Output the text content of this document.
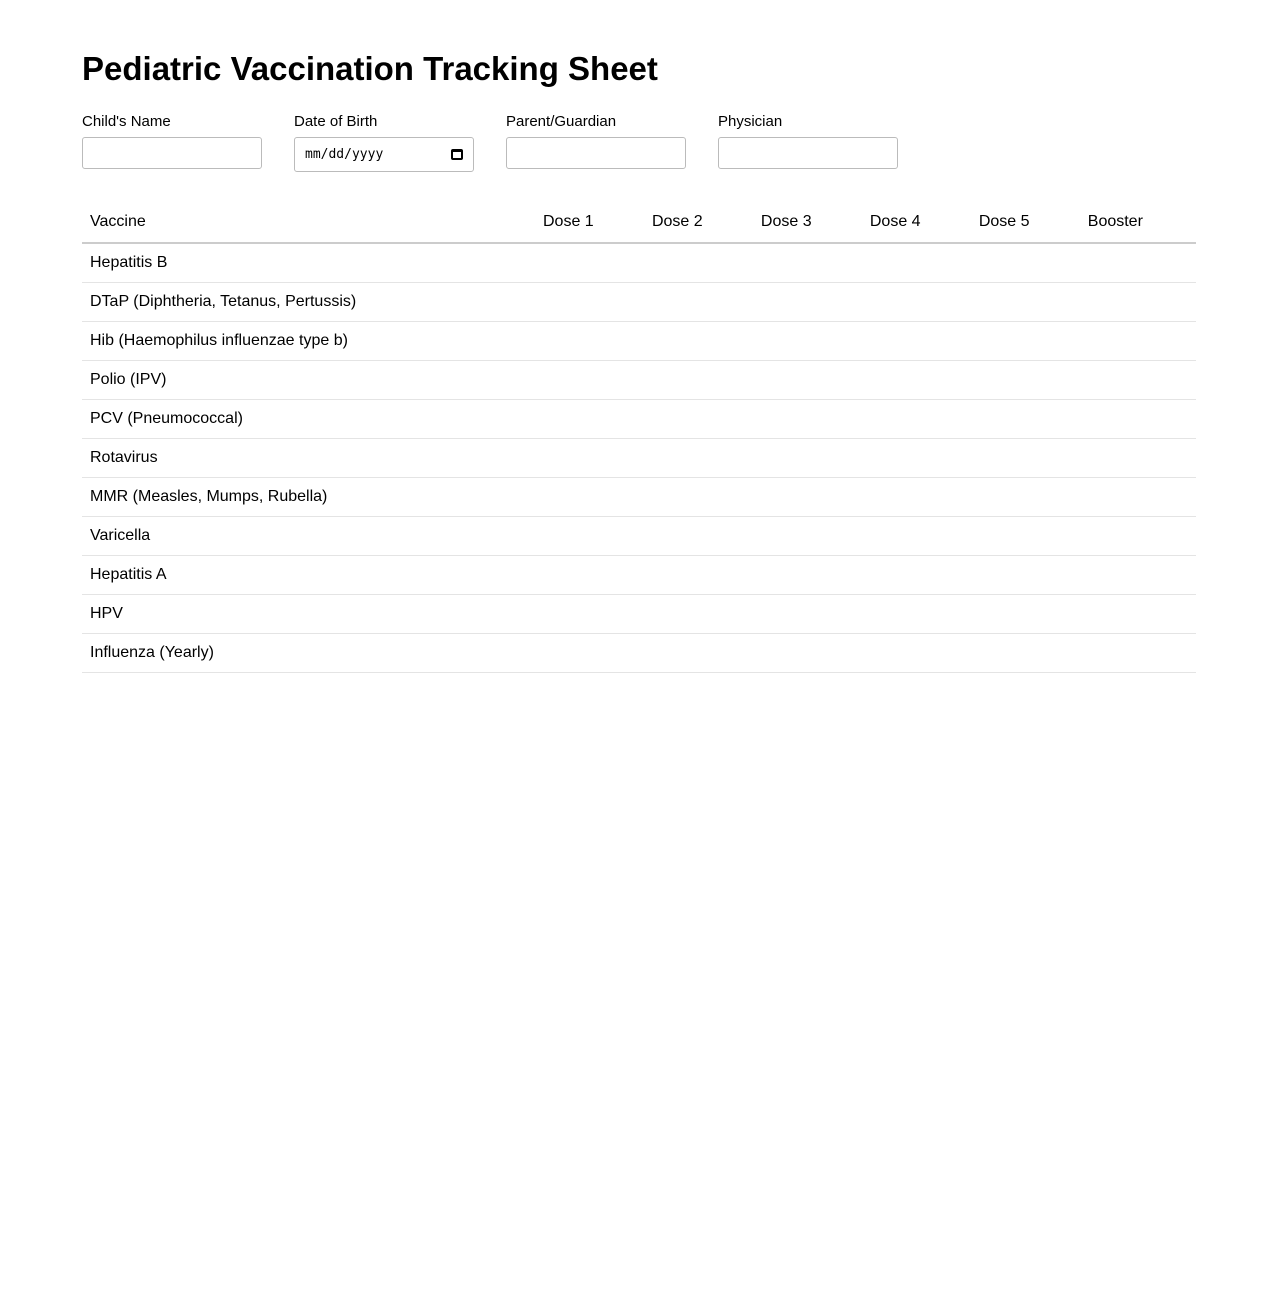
Pediatric Vaccination Tracking Sheet
Child's Name	Date of Birth
mm/dd/yyyy
Parent/Guardian	Physician
Vaccine	Dose 1	Dose 2	Dose 3	Dose 4	Dose 5	Booster
Hepatitis B						
DTaP (Diphtheria, Tetanus, Pertussis)						
Hib (Haemophilus influenzae type b)						
Polio (IPV)						
PCV (Pneumococcal)						
Rotavirus						
MMR (Measles, Mumps, Rubella)						
Varicella						
Hepatitis A						
HPV						
Influenza (Yearly)						
